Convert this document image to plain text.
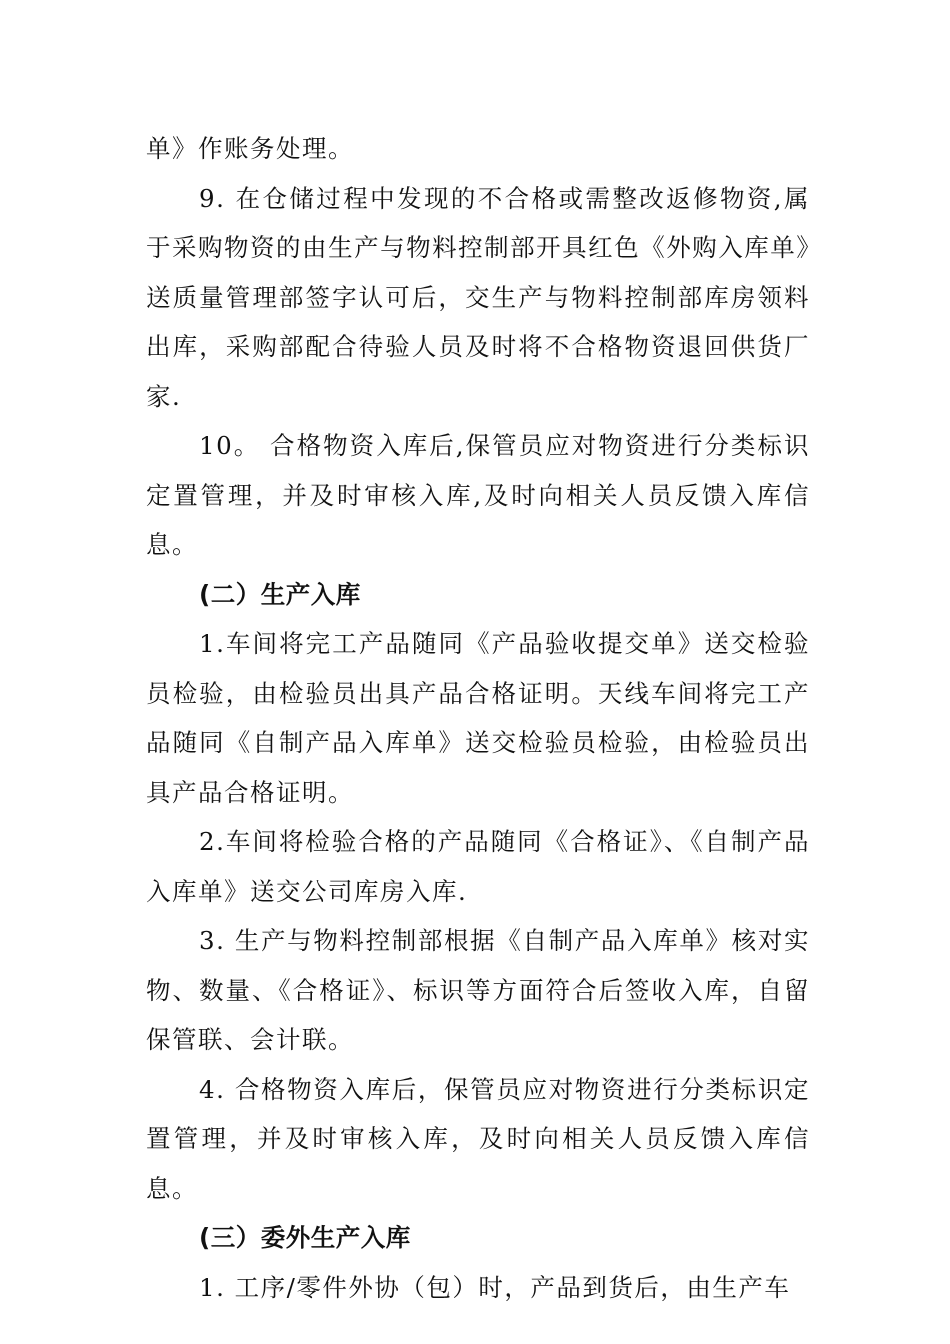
单》作账务处理。

9. 在仓储过程中发现的不合格或需整改返修物资,属于采购物资的由生产与物料控制部开具红色《外购入库单》送质量管理部签字认可后，交生产与物料控制部库房领料出库，采购部配合待验人员及时将不合格物资退回供货厂家.

10。 合格物资入库后,保管员应对物资进行分类标识定置管理，并及时审核入库,及时向相关人员反馈入库信息。

(二）生产入库

1.车间将完工产品随同《产品验收提交单》送交检验员检验，由检验员出具产品合格证明。天线车间将完工产品随同《自制产品入库单》送交检验员检验，由检验员出具产品合格证明。

2.车间将检验合格的产品随同《合格证》、《自制产品入库单》送交公司库房入库.

3. 生产与物料控制部根据《自制产品入库单》核对实物、数量、《合格证》、标识等方面符合后签收入库，自留保管联、会计联。

4. 合格物资入库后，保管员应对物资进行分类标识定置管理，并及时审核入库，及时向相关人员反馈入库信息。

(三）委外生产入库

1. 工序/零件外协（包）时，产品到货后，由生产车
